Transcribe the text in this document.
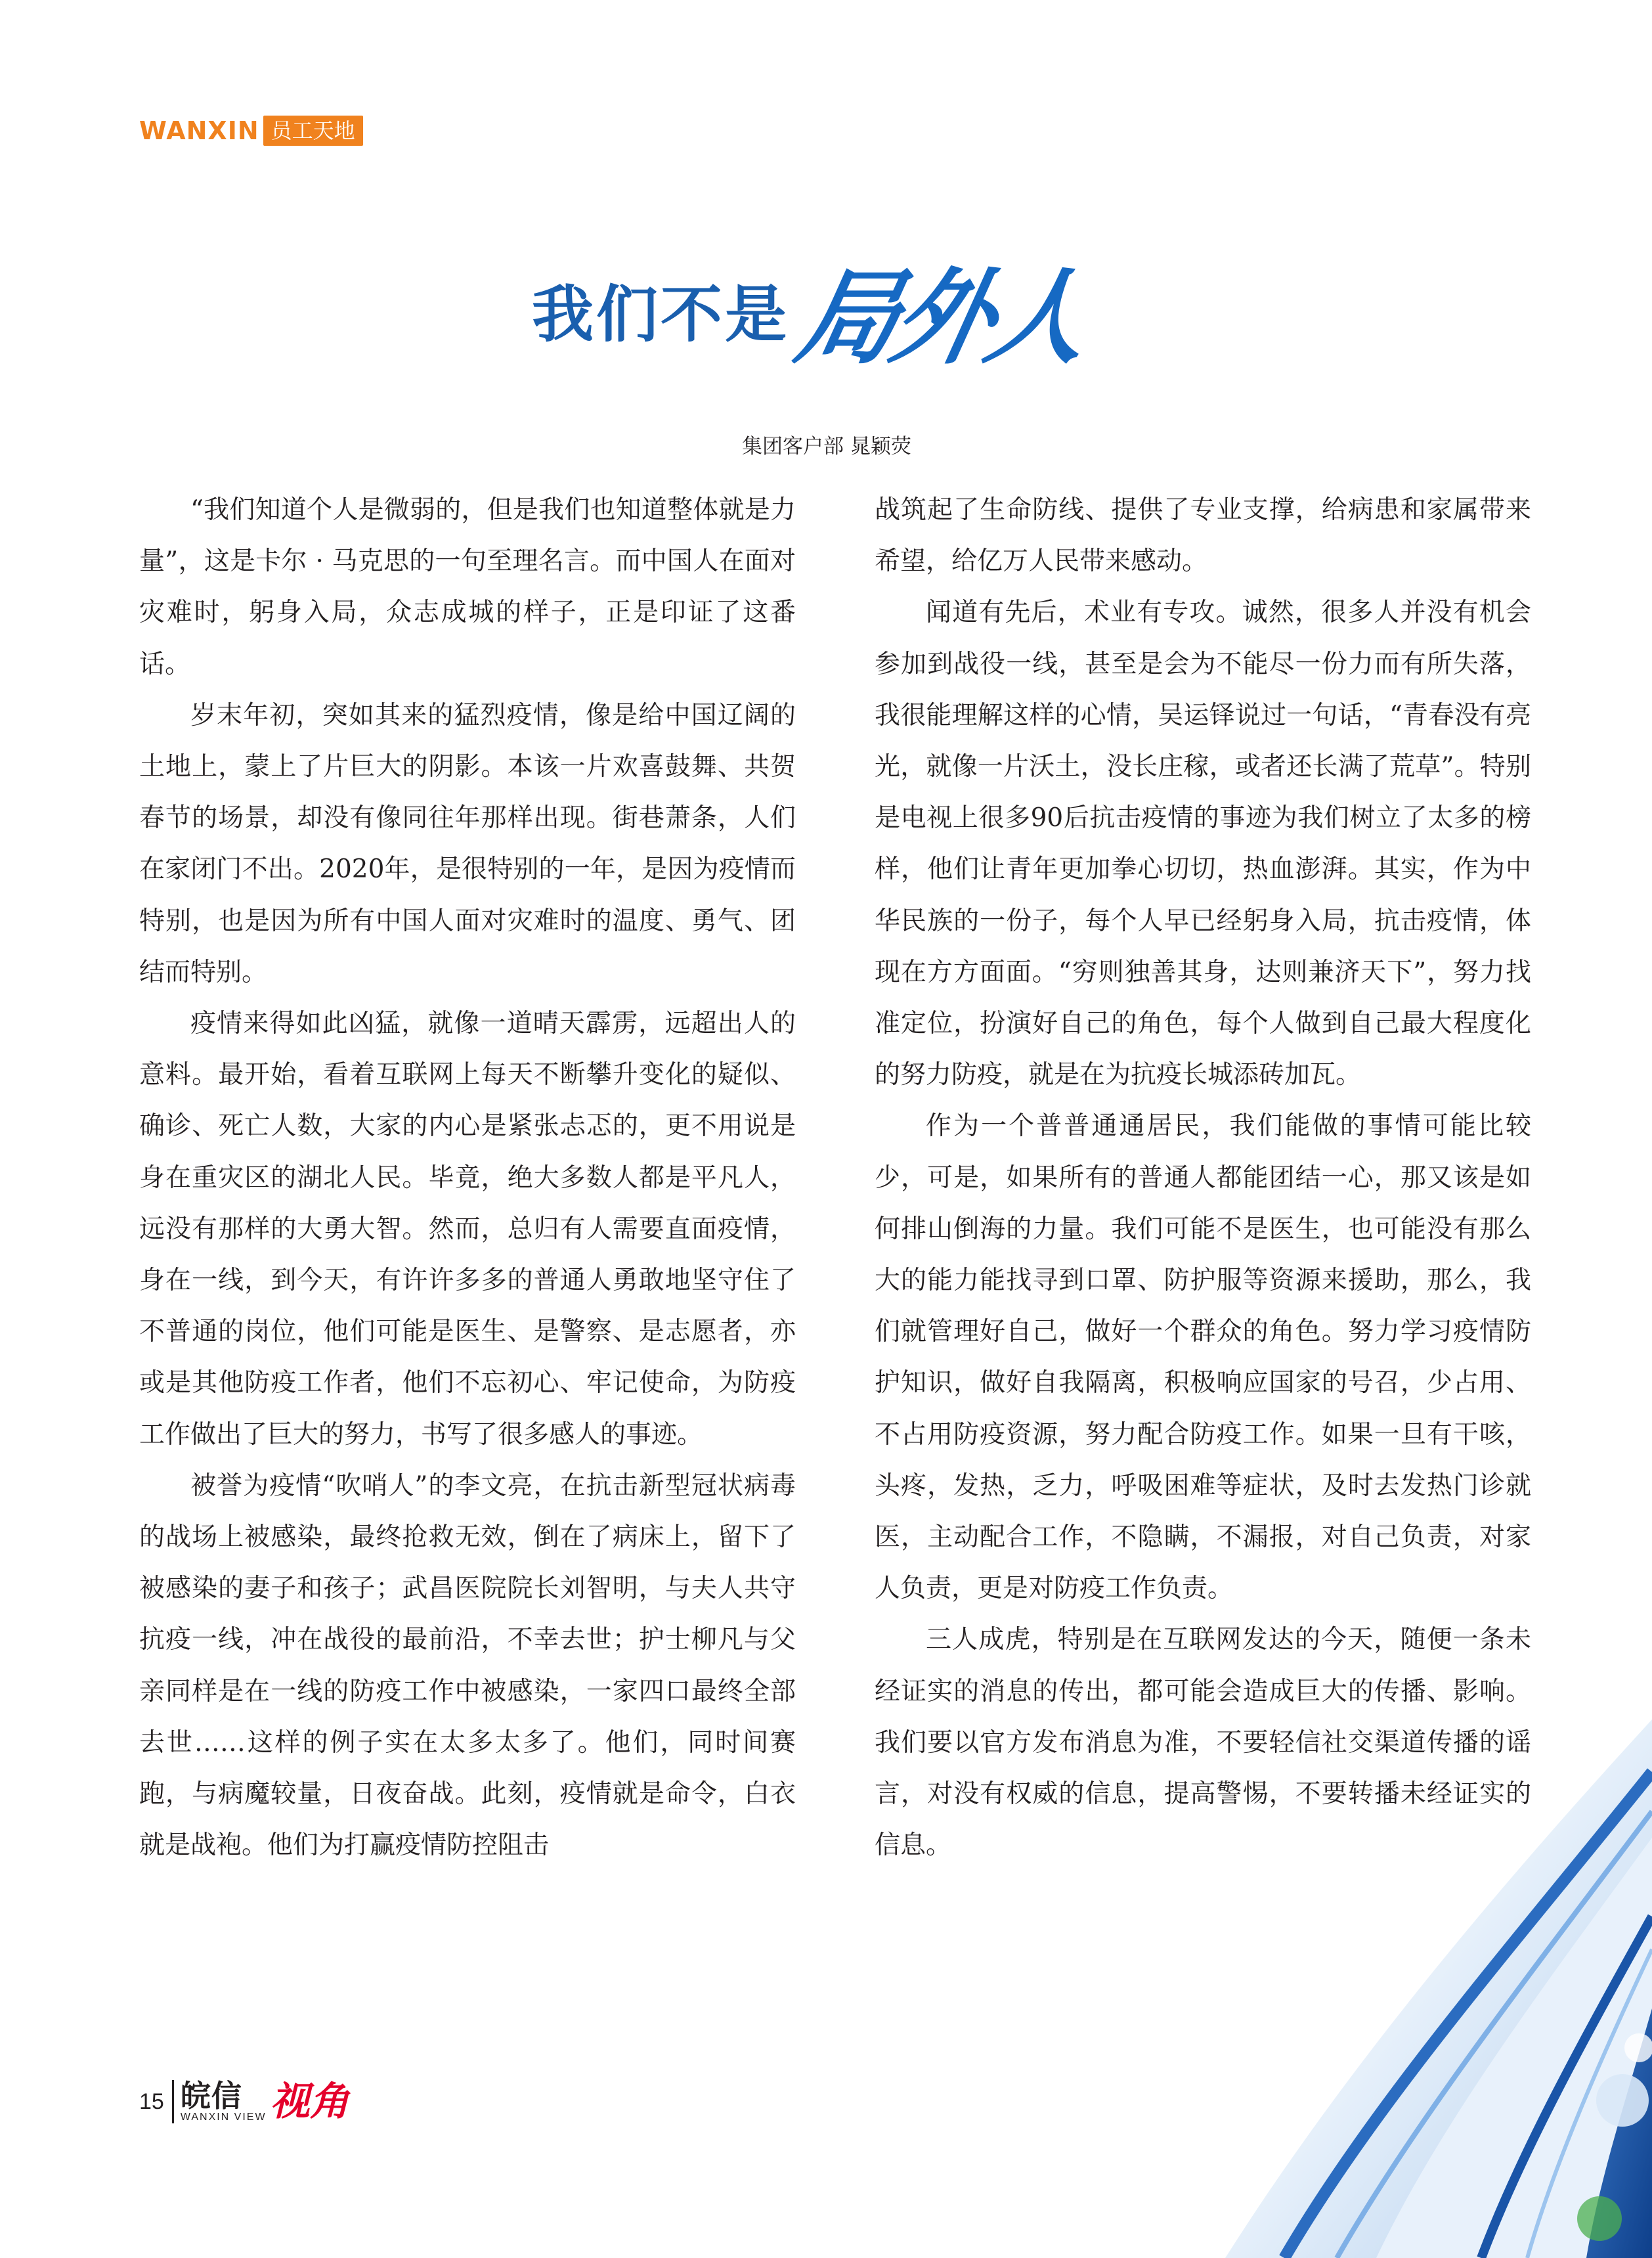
WANXIN 员工天地
我们不是
局外人
集团客户部 晁颖荧

“我们知道个人是微弱的，但是我们也知道整体就是力量”，这是卡尔 · 马克思的一句至理名言。而中国人在面对灾难时，躬身入局，众志成城的样子，正是印证了这番话。

岁末年初，突如其来的猛烈疫情，像是给中国辽阔的土地上，蒙上了片巨大的阴影。本该一片欢喜鼓舞、共贺春节的场景，却没有像同往年那样出现。街巷萧条，人们在家闭门不出。2020年，是很特别的一年，是因为疫情而特别，也是因为所有中国人面对灾难时的温度、勇气、团结而特别。

疫情来得如此凶猛，就像一道晴天霹雳，远超出人的意料。最开始，看着互联网上每天不断攀升变化的疑似、确诊、死亡人数，大家的内心是紧张忐忑的，更不用说是身在重灾区的湖北人民。毕竟，绝大多数人都是平凡人，远没有那样的大勇大智。然而，总归有人需要直面疫情，身在一线，到今天，有许许多多的普通人勇敢地坚守住了不普通的岗位，他们可能是医生、是警察、是志愿者，亦或是其他防疫工作者，他们不忘初心、牢记使命，为防疫工作做出了巨大的努力，书写了很多感人的事迹。

被誉为疫情“吹哨人”的李文亮，在抗击新型冠状病毒的战场上被感染，最终抢救无效，倒在了病床上，留下了被感染的妻子和孩子；武昌医院院长刘智明，与夫人共守抗疫一线，冲在战役的最前沿，不幸去世；护士柳凡与父亲同样是在一线的防疫工作中被感染，一家四口最终全部去世……这样的例子实在太多太多了。他们，同时间赛跑，与病魔较量，日夜奋战。此刻，疫情就是命令，白衣就是战袍。他们为打赢疫情防控阻击

战筑起了生命防线、提供了专业支撑，给病患和家属带来希望，给亿万人民带来感动。

闻道有先后，术业有专攻。诚然，很多人并没有机会参加到战役一线，甚至是会为不能尽一份力而有所失落，我很能理解这样的心情，吴运铎说过一句话，“青春没有亮光，就像一片沃土，没长庄稼，或者还长满了荒草”。特别是电视上很多90后抗击疫情的事迹为我们树立了太多的榜样，他们让青年更加拳心切切，热血澎湃。其实，作为中华民族的一份子，每个人早已经躬身入局，抗击疫情，体现在方方面面。“穷则独善其身，达则兼济天下”，努力找准定位，扮演好自己的角色，每个人做到自己最大程度化的努力防疫，就是在为抗疫长城添砖加瓦。

作为一个普普通通居民，我们能做的事情可能比较少，可是，如果所有的普通人都能团结一心，那又该是如何排山倒海的力量。我们可能不是医生，也可能没有那么大的能力能找寻到口罩、防护服等资源来援助，那么，我们就管理好自己，做好一个群众的角色。努力学习疫情防护知识，做好自我隔离，积极响应国家的号召，少占用、不占用防疫资源，努力配合防疫工作。如果一旦有干咳，头疼，发热，乏力，呼吸困难等症状，及时去发热门诊就医，主动配合工作，不隐瞒，不漏报，对自己负责，对家人负责，更是对防疫工作负责。

三人成虎，特别是在互联网发达的今天，随便一条未经证实的消息的传出，都可能会造成巨大的传播、影响。我们要以官方发布消息为准，不要轻信社交渠道传播的谣言，对没有权威的信息，提高警惕，不要转播未经证实的信息。

15 皖信
WANXIN VIEW 视角
